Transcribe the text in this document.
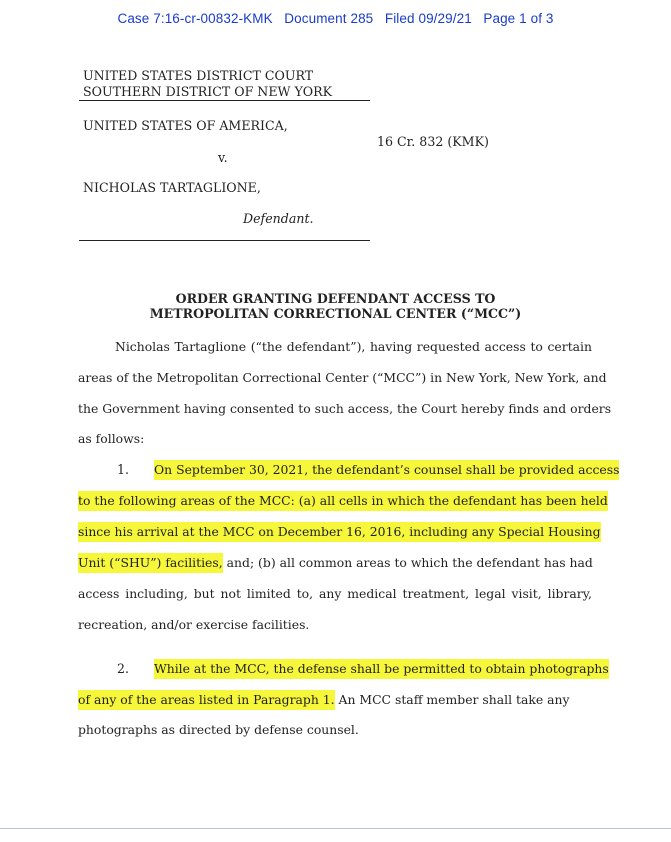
Case 7:16-cr-00832-KMK   Document 285   Filed 09/29/21   Page 1 of 3
UNITED STATES DISTRICT COURT
SOUTHERN DISTRICT OF NEW YORK
UNITED STATES OF AMERICA,
16 Cr. 832 (KMK)
v.
NICHOLAS TARTAGLIONE,
Defendant.
ORDER GRANTING DEFENDANT ACCESS TO
METROPOLITAN CORRECTIONAL CENTER (“MCC”)
Nicholas Tartaglione (“the defendant”), having requested access to certain
areas of the Metropolitan Correctional Center (“MCC”) in New York, New York, and
the Government having consented to such access, the Court hereby finds and orders
as follows:
1. On September 30, 2021, the defendant’s counsel shall be provided access
to the following areas of the MCC: (a) all cells in which the defendant has been held
since his arrival at the MCC on December 16, 2016, including any Special Housing
Unit (“SHU”) facilities, and; (b) all common areas to which the defendant has had
access including, but not limited to, any medical treatment, legal visit, library,
recreation, and/or exercise facilities.
2. While at the MCC, the defense shall be permitted to obtain photographs
of any of the areas listed in Paragraph 1. An MCC staff member shall take any
photographs as directed by defense counsel.
